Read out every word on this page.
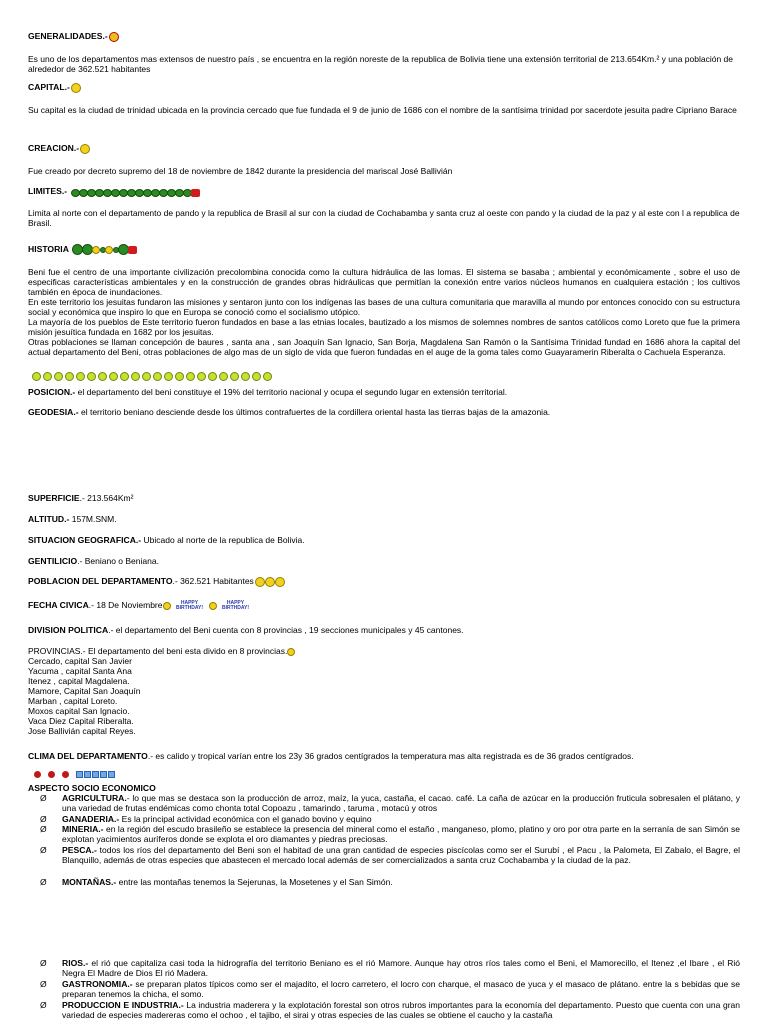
GENERALIDADES.-
Es uno de los departamentos mas extensos de nuestro país , se encuentra en la región noreste de la republica de Bolivia tiene una extensión territorial de 213.654Km.² y una población de alrededor de 362.521 habitantes
CAPITAL.-
Su capital es la ciudad de trinidad ubicada en la provincia cercado que fue fundada el 9 de junio de 1686 con el nombre de la santísima trinidad por sacerdote jesuita padre Cipriano Barace
CREACION.-
Fue creado por decreto supremo del 18 de noviembre de 1842 durante la presidencia del mariscal José Ballivián
LIMITES.-
Limita al norte con el departamento de pando y la republica de Brasil al sur con la ciudad de Cochabamba y santa cruz al oeste con pando y la ciudad de la paz y al este con l a republica de Brasil.
HISTORIA
Beni fue el centro de una importante civilización precolombina conocida como la cultura hidráulica de las lomas. El sistema se basaba ; ambiental y económicamente , sobre el uso de especificas características ambientales y en la construcción de grandes obras hidráulicas que permitían la conexión entre varios núcleos humanos en cualquiera estación ; los cultivos también en época de inundaciones.
En este territorio los jesuitas fundaron las misiones y sentaron junto con los indígenas las bases de una cultura comunitaria que maravilla al mundo por entonces conocido con su estructura social y económica que inspiro lo que en Europa se conoció como el socialismo utópico.
La mayoría de los pueblos de Este territorio fueron fundados en base a las etnias locales, bautizado a los mismos de solemnes nombres de santos católicos como Loreto que fue la primera misión jesuítica fundada en 1682 por los jesuitas.
Otras poblaciones se llaman concepción de baures , santa ana , san Joaquín San Ignacio, San Borja, Magdalena San Ramón o la Santísima Trinidad fundad en 1686 ahora la capital del actual departamento del Beni, otras poblaciones de algo mas de un siglo de vida que fueron fundadas en el auge de la goma tales como Guayaramerin Riberalta o Cachuela Esperanza.
POSICION.- el departamento del beni constituye el 19% del territorio nacional y ocupa el segundo lugar en extensión territorial.
GEODESIA.- el territorio beniano desciende desde los últimos contrafuertes de la cordillera oriental hasta las tierras bajas de la amazonia.
SUPERFICIE.- 213.564Km²
ALTITUD.- 157M.SNM.
SITUACION GEOGRAFICA.- Ubicado al norte de la republica de Bolivia.
GENTILICIO.- Beniano o Beniana.
POBLACION DEL DEPARTAMENTO.- 362.521 Habitantes
FECHA CIVICA.- 18 De Noviembre	HAPPY BIRTHDAY!HAPPY BIRTHDAY!
DIVISION POLITICA.- el departamento del Beni cuenta con 8 provincias , 19 secciones municipales y 45 cantones.
PROVINCIAS.- El departamento del beni esta divido en 8 provincias.
Cercado, capital San Javier
Yacuma , capital Santa Ana
Itenez , capital Magdalena.
Mamore, Capital San Joaquín
Marban , capital Loreto.
Moxos capital San Ignacio.
Vaca Diez Capital Riberalta.
Jose Ballivián capital Reyes.
CLIMA DEL DEPARTAMENTO.- es calido y tropical varían entre los 23y 36 grados centígrados la temperatura mas alta registrada es de 36 grados centígrados.
ASPECTO SOCIO ECONOMICO
Ø AGRICULTURA.- lo que mas se destaca son la producción de arroz, maíz, la yuca, castaña, el cacao. café. La caña de azúcar en la producción fruticula sobresalen el plátano, y una variedad de frutas endémicas como chonta total Copoazu , tamarindo , taruma , motacú y otros
Ø GANADERIA.- Es la principal actividad económica con el ganado bovino y equino
Ø MINERIA.- en la región del escudo brasileño se establece la presencia del mineral como el estaño , manganeso, plomo, platino y oro por otra parte en la serranía de san Simón se explotan yacimientos auríferos donde se explota el oro diamantes y piedras preciosas.
Ø PESCA.- todos los ríos del departamento del Beni son el habitad de una gran cantidad de especies piscícolas como ser el Surubí , el Pacu , la Palometa, El Zabalo, el Bagre, el Blanquillo, además de otras especies que abastecen el mercado local además de ser comercializados a santa cruz Cochabamba y la ciudad de la paz.
Ø MONTAÑAS.- entre las montañas tenemos la Sejerunas, la Mosetenes y el San Simón.
Ø RIOS.- el rió que capitaliza casi toda la hidrografía del territorio Beniano es el rió Mamore. Aunque hay otros ríos tales como el Beni, el Mamorecillo, el Itenez ,el Ibare , el Rió Negra El Madre de Dios El rió Madera.
Ø GASTRONOMIA.- se preparan platos típicos como ser el majadito, el locro carretero, el locro con charque, el masaco de yuca y el masaco de plátano. entre la s bebidas que se preparan tenemos la chicha, el somo.
Ø PRODUCCION E INDUSTRIA.- La industria maderera y la explotación forestal son otros rubros importantes para la economía del departamento. Puesto que cuenta con una gran variedad de especies madereras como el ochoo , el tajibo, el sirai y otras especies de las cuales se obtiene el caucho y la castaña
